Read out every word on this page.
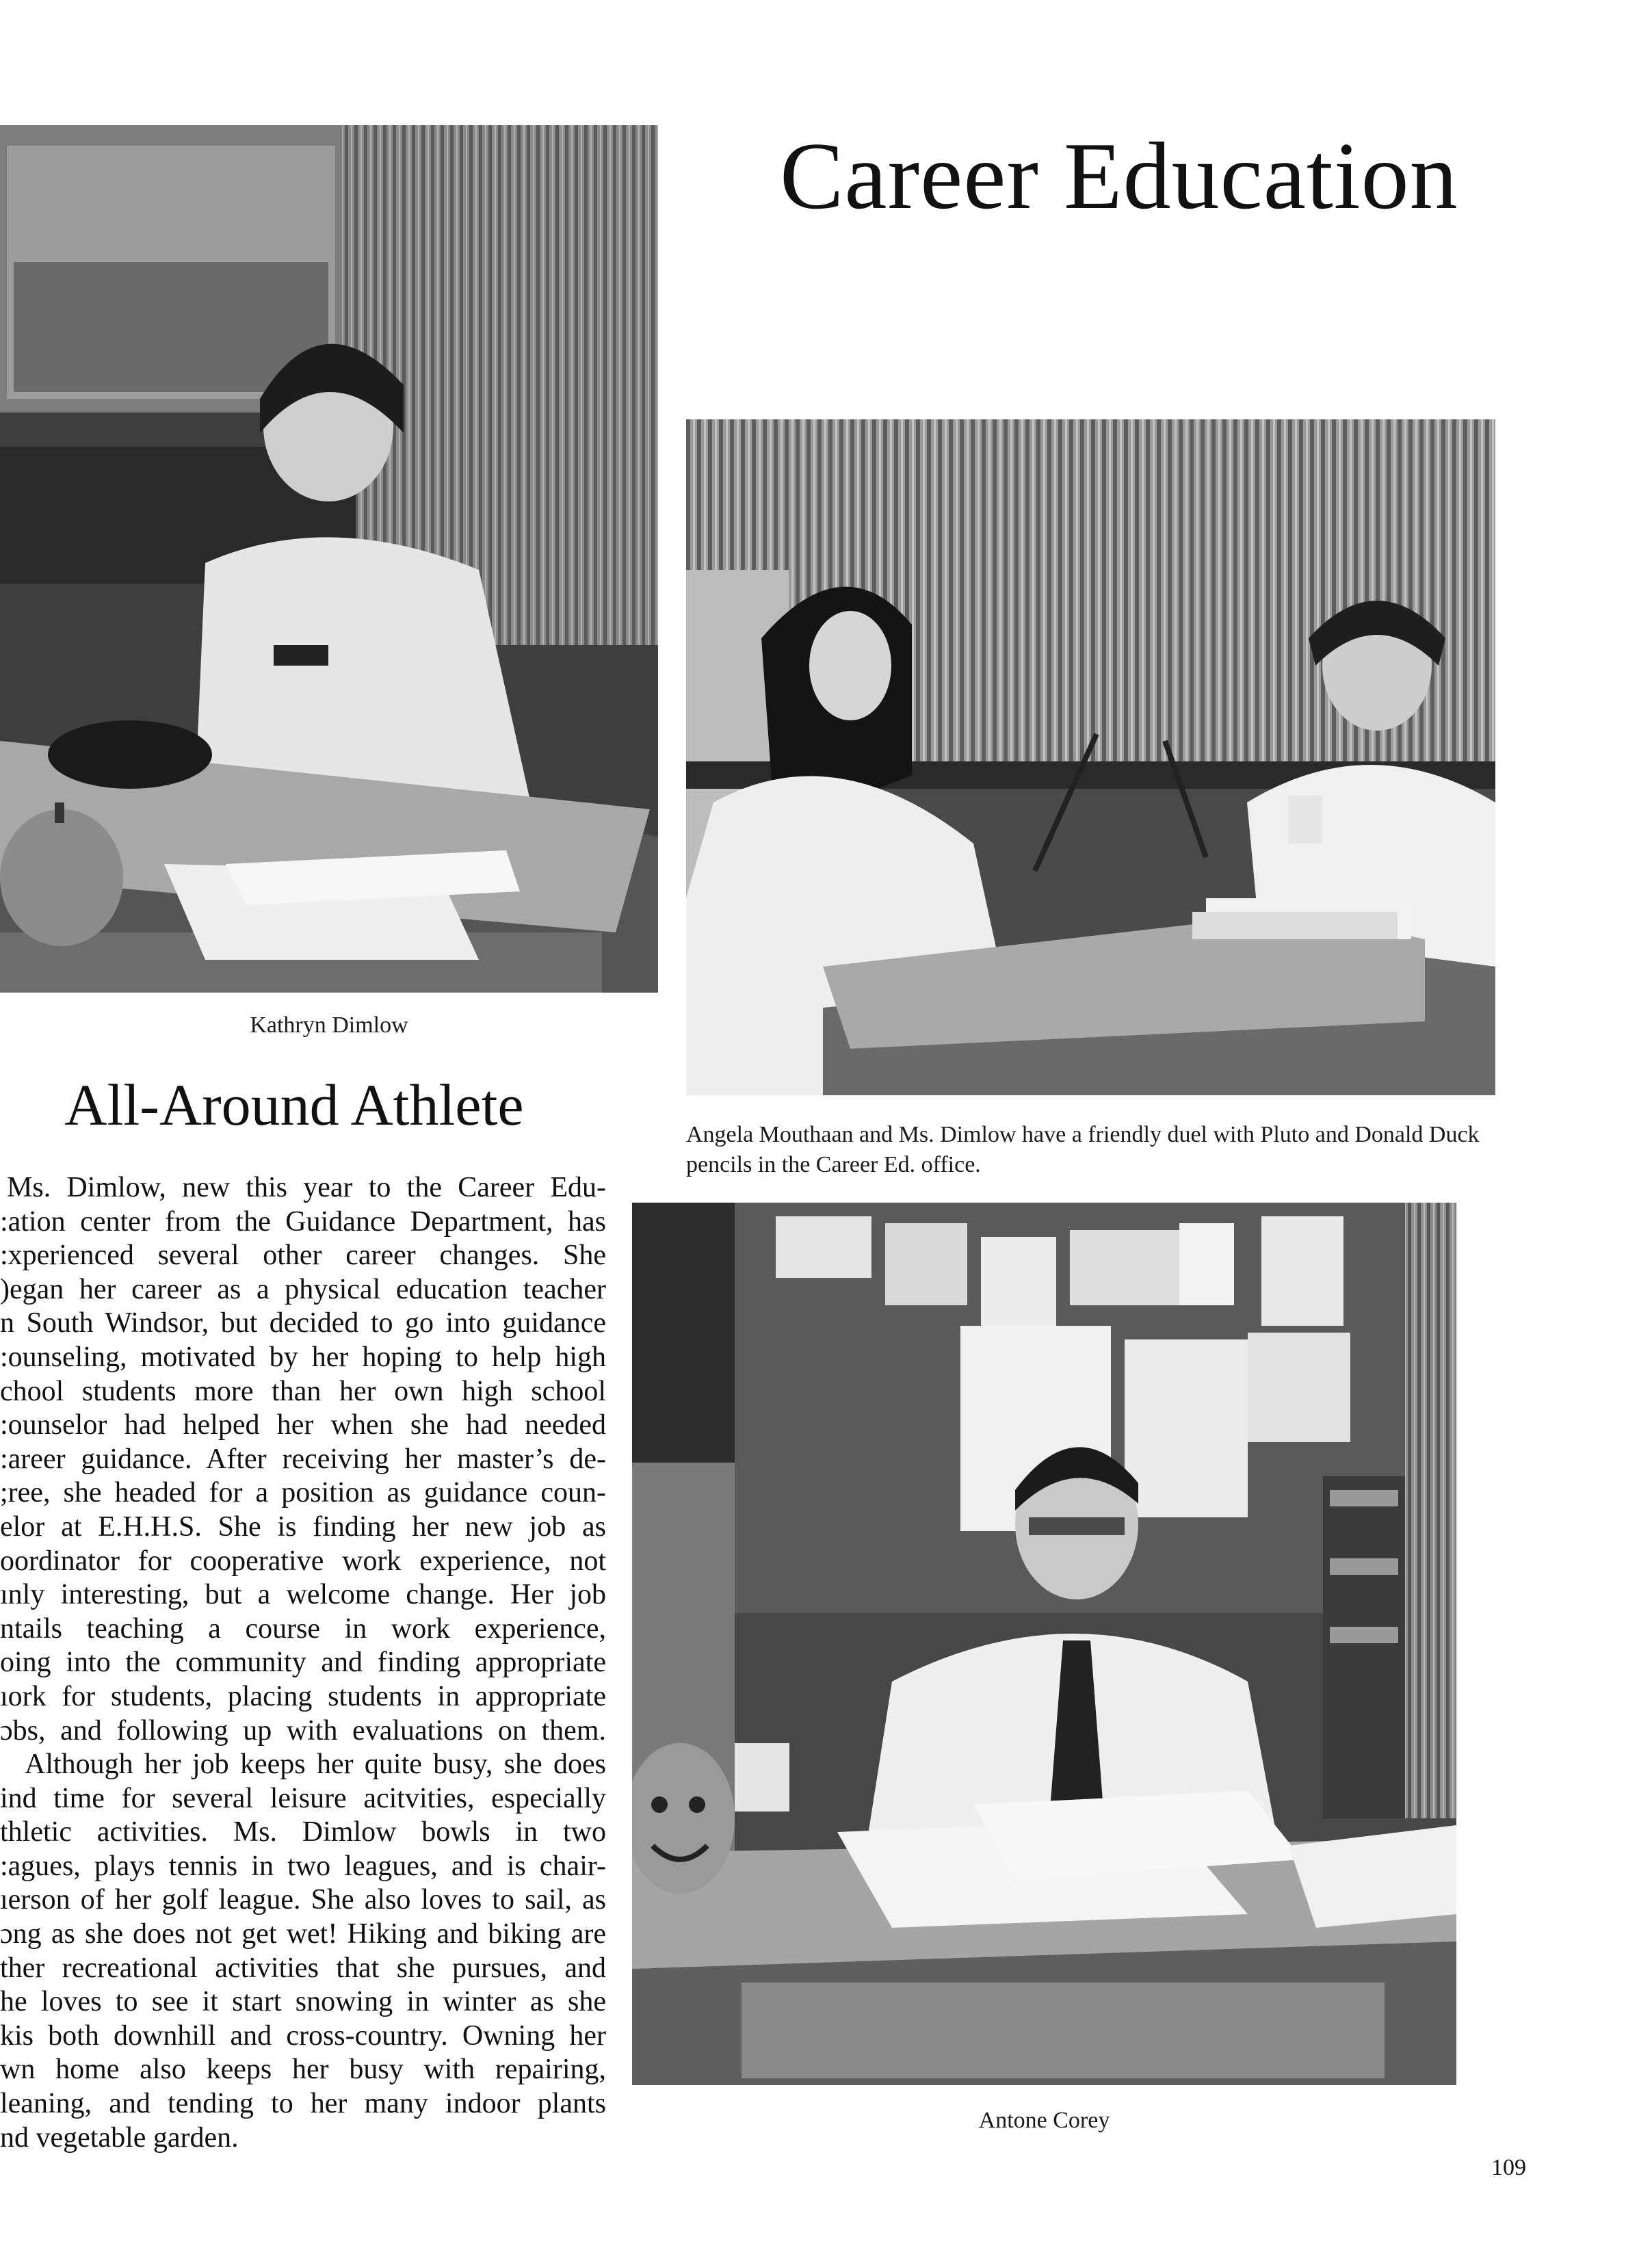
Career Education
Kathryn Dimlow
All-Around Athlete
Ms. Dimlow, new this year to the Career Edu-
:ation center from the Guidance Department, has
:xperienced several other career changes. She
)egan her career as a physical education teacher
n South Windsor, but decided to go into guidance
:ounseling, motivated by her hoping to help high
chool students more than her own high school
:ounselor had helped her when she had needed
:areer guidance. After receiving her master’s de-
;ree, she headed for a position as guidance coun-
elor at E.H.H.S. She is finding her new job as
oordinator for cooperative work experience, not
ınly interesting, but a welcome change. Her job
ntails teaching a course in work experience,
oing into the community and finding appropriate
ıork for students, placing students in appropriate
ɔbs, and following up with evaluations on them.
Although her job keeps her quite busy, she does
ind time for several leisure acitvities, especially
thletic activities. Ms. Dimlow bowls in two
:agues, plays tennis in two leagues, and is chair-
ıerson of her golf league. She also loves to sail, as
ɔng as she does not get wet! Hiking and biking are
ther recreational activities that she pursues, and
he loves to see it start snowing in winter as she
kis both downhill and cross-country. Owning her
wn home also keeps her busy with repairing,
leaning, and tending to her many indoor plants
nd vegetable garden.
Angela Mouthaan and Ms. Dimlow have a friendly duel with Pluto and Donald Duck pencils in the Career Ed. office.
Antone Corey
109
